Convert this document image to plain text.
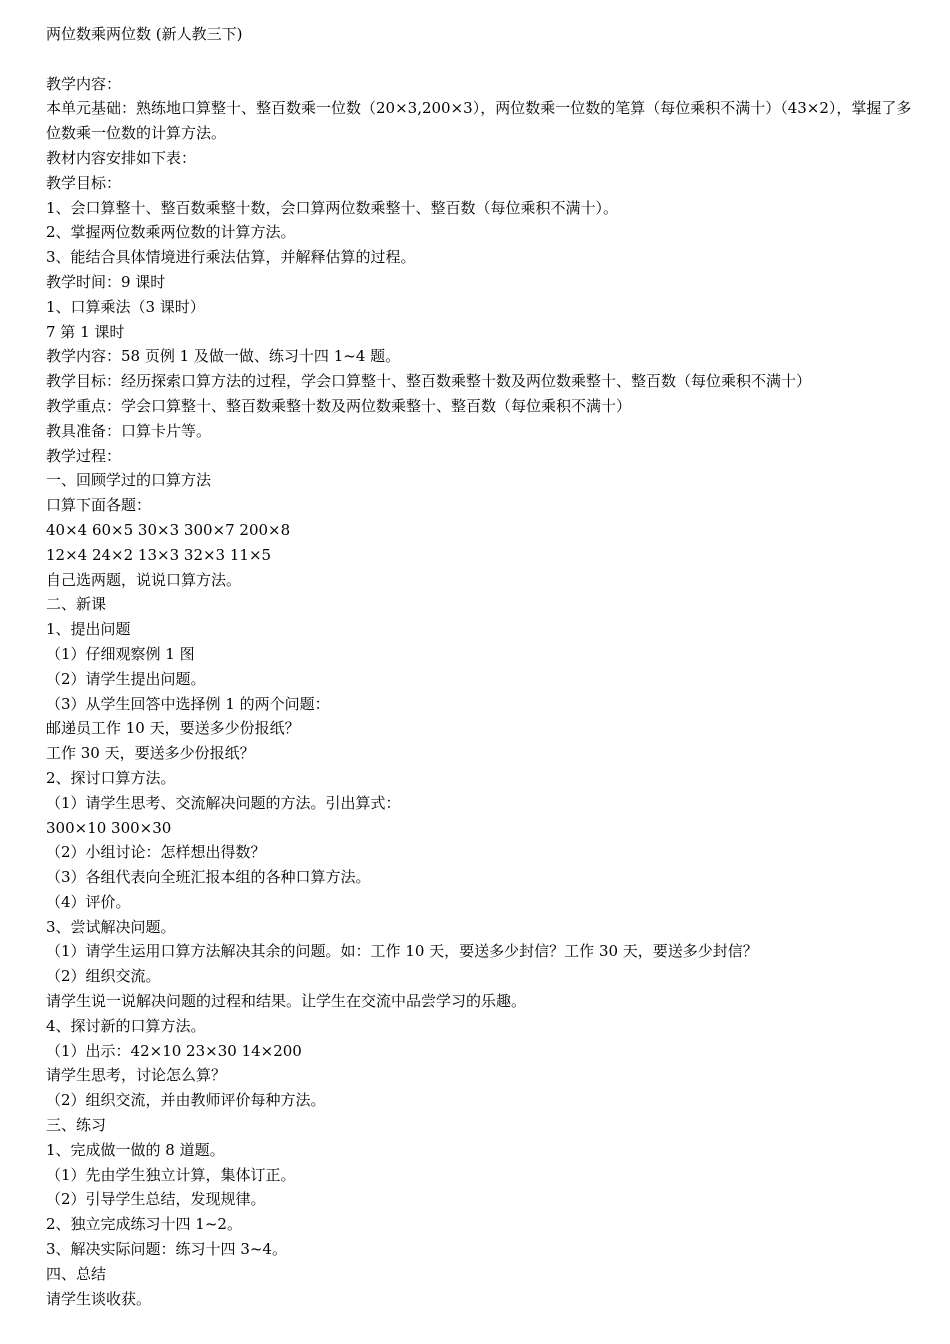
两位数乘两位数 (新人教三下)

教学内容：

本单元基础：熟练地口算整十、整百数乘一位数（20×3,200×3），两位数乘一位数的笔算（每位乘积不满十）（43×2），掌握了多位数乘一位数的计算方法。

教材内容安排如下表：

教学目标：

1、会口算整十、整百数乘整十数，会口算两位数乘整十、整百数（每位乘积不满十）。

2、掌握两位数乘两位数的计算方法。

3、能结合具体情境进行乘法估算，并解释估算的过程。

教学时间：9 课时

1、口算乘法（3 课时）

7 第 1 课时

教学内容：58 页例 1 及做一做、练习十四 1~4 题。

教学目标：经历探索口算方法的过程，学会口算整十、整百数乘整十数及两位数乘整十、整百数（每位乘积不满十）

教学重点：学会口算整十、整百数乘整十数及两位数乘整十、整百数（每位乘积不满十）

教具准备：口算卡片等。

教学过程：

一、回顾学过的口算方法

口算下面各题：

40×4 60×5 30×3 300×7 200×8

12×4 24×2 13×3 32×3 11×5

自己选两题，说说口算方法。

二、新课

1、提出问题

（1）仔细观察例 1 图

（2）请学生提出问题。

（3）从学生回答中选择例 1 的两个问题：

邮递员工作 10 天，要送多少份报纸？

工作 30 天，要送多少份报纸？

2、探讨口算方法。

（1）请学生思考、交流解决问题的方法。引出算式：

300×10 300×30

（2）小组讨论：怎样想出得数？

（3）各组代表向全班汇报本组的各种口算方法。

（4）评价。

3、尝试解决问题。

（1）请学生运用口算方法解决其余的问题。如：工作 10 天，要送多少封信？工作 30 天，要送多少封信？

（2）组织交流。

请学生说一说解决问题的过程和结果。让学生在交流中品尝学习的乐趣。

4、探讨新的口算方法。

（1）出示：42×10 23×30 14×200

请学生思考，讨论怎么算？

（2）组织交流，并由教师评价每种方法。

三、练习

1、完成做一做的 8 道题。

（1）先由学生独立计算，集体订正。

（2）引导学生总结，发现规律。

2、独立完成练习十四 1~2。

3、解决实际问题：练习十四 3~4。

四、总结

请学生谈收获。
